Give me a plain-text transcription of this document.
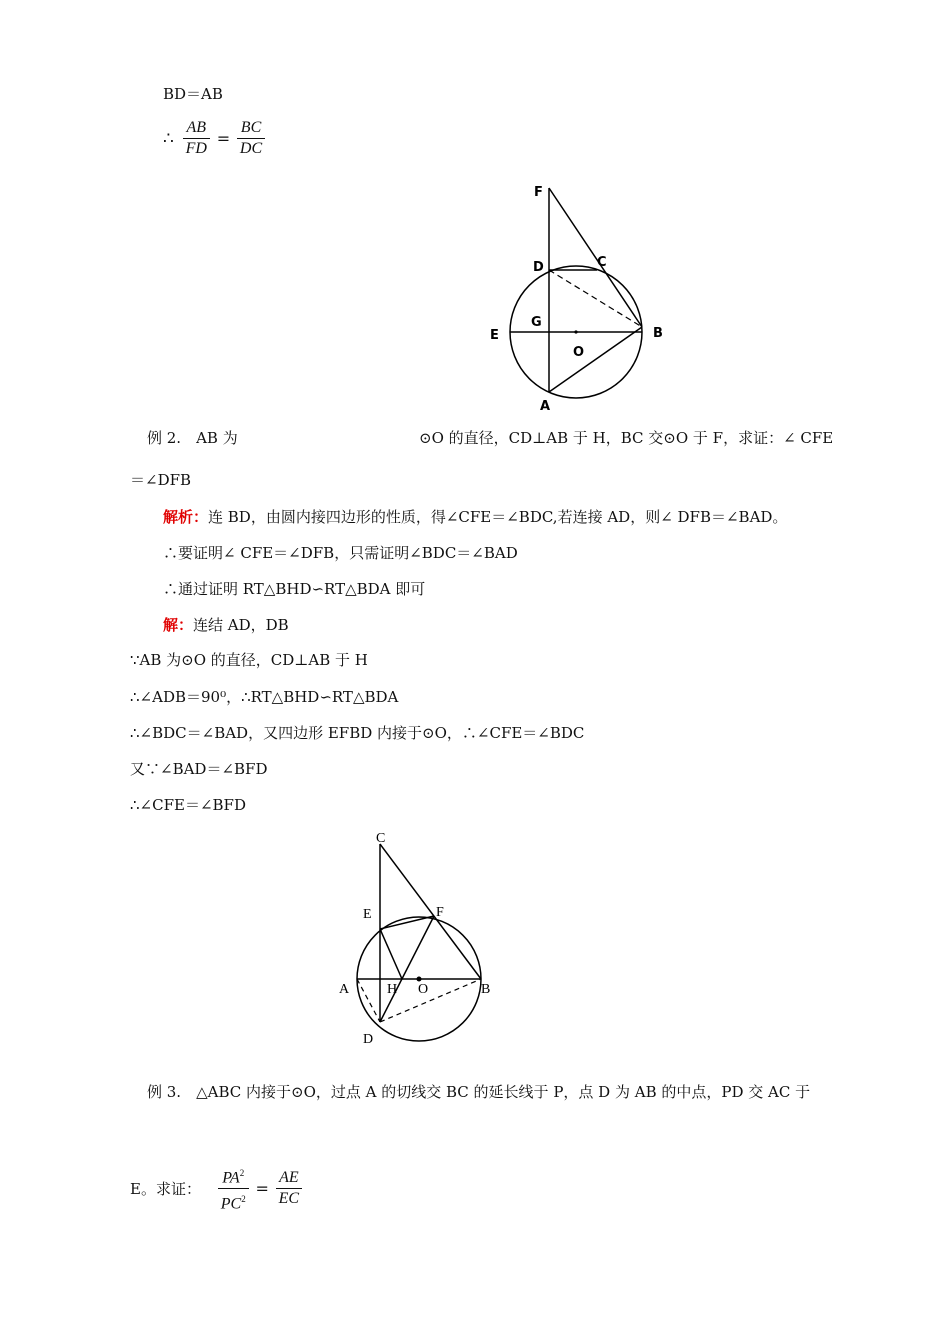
BD＝AB
∴ $\frac{AB}{FD} = \frac{BC}{DC}$
F
D	C
E
G
B
O
A
例 2.　AB 为	⊙O 的直径，CD⊥AB 于 H，BC 交⊙O 于 F，求证：∠ CFE
＝∠DFB
解析：连 BD，由圆内接四边形的性质，得∠CFE＝∠BDC,若连接 AD，则∠ DFB＝∠BAD。
∴要证明∠ CFE＝∠DFB，只需证明∠BDC＝∠BAD
∴通过证明 RT△BHD∽RT△BDA 即可
解：连结 AD，DB
∵AB 为⊙O 的直径，CD⊥AB 于 H
∴∠ADB＝90⁰，∴RT△BHD∽RT△BDA
∴∠BDC＝∠BAD，又四边形 EFBD 内接于⊙O，∴∠CFE＝∠BDC
又∵∠BAD＝∠BFD
∴∠CFE＝∠BFD
C
E	F
A	H O	B
D
例 3.　△ABC 内接于⊙O，过点 A 的切线交 BC 的延长线于 P，点 D 为 AB 的中点，PD 交 AC 于
E。求证： $\frac{PA^2}{PC^2} = \frac{AE}{EC}$
